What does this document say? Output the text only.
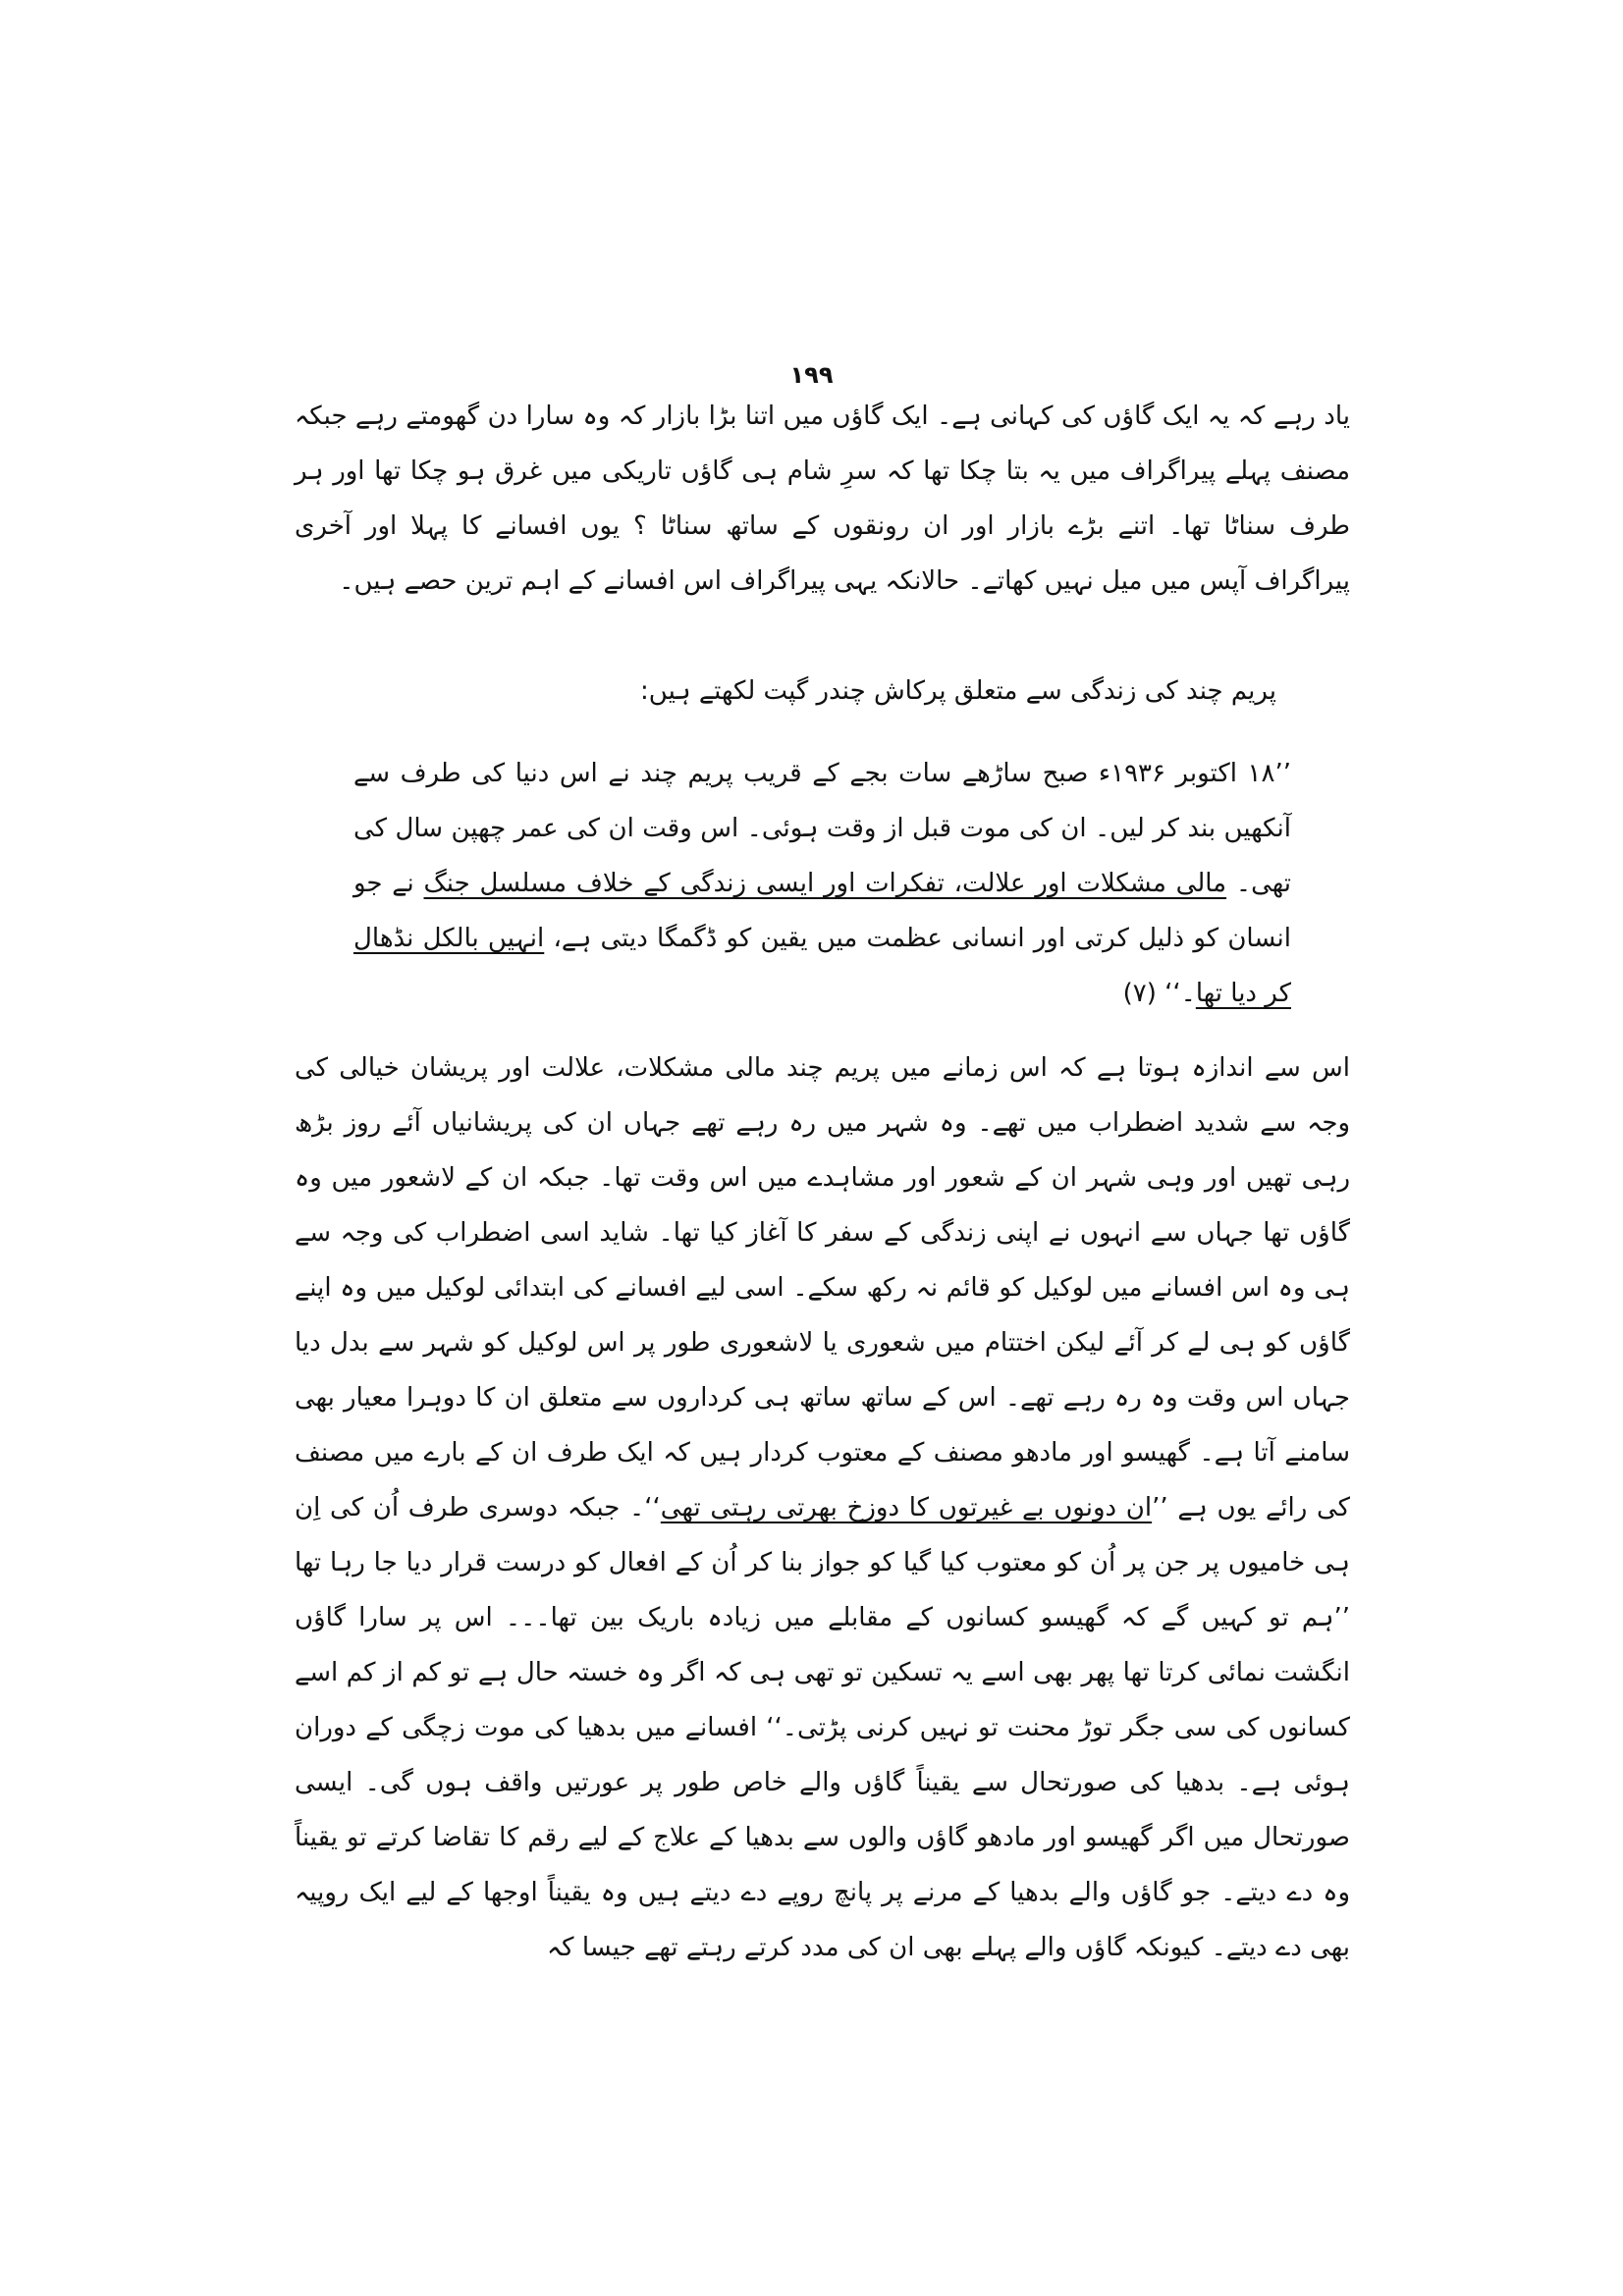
۱۹۹

یاد رہے کہ یہ ایک گاؤں کی کہانی ہے۔ ایک گاؤں میں اتنا بڑا بازار کہ وہ سارا دن گھومتے رہے جبکہ مصنف پہلے پیراگراف میں یہ بتا چکا تھا کہ سرِ شام ہی گاؤں تاریکی میں غرق ہو چکا تھا اور ہر طرف سناٹا تھا۔ اتنے بڑے بازار اور ان رونقوں کے ساتھ سناٹا ؟ یوں افسانے کا پہلا اور آخری پیراگراف آپس میں میل نہیں کھاتے۔ حالانکہ یہی پیراگراف اس افسانے کے اہم ترین حصے ہیں۔

پریم چند کی زندگی سے متعلق پرکاش چندر گپت لکھتے ہیں:

’’۱۸ اکتوبر ۱۹۳۶ء صبح ساڑھے سات بجے کے قریب پریم چند نے اس دنیا کی طرف سے آنکھیں بند کر لیں۔ ان کی موت قبل از وقت ہوئی۔ اس وقت ان کی عمر چھپن سال کی تھی۔ مالی مشکلات اور علالت، تفکرات اور ایسی زندگی کے خلاف مسلسل جنگ نے جو انسان کو ذلیل کرتی اور انسانی عظمت میں یقین کو ڈگمگا دیتی ہے، انہیں بالکل نڈھال کر دیا تھا۔‘‘ (۷)

اس سے اندازہ ہوتا ہے کہ اس زمانے میں پریم چند مالی مشکلات، علالت اور پریشان خیالی کی وجہ سے شدید اضطراب میں تھے۔ وہ شہر میں رہ رہے تھے جہاں ان کی پریشانیاں آئے روز بڑھ رہی تھیں اور وہی شہر ان کے شعور اور مشاہدے میں اس وقت تھا۔ جبکہ ان کے لاشعور میں وہ گاؤں تھا جہاں سے انہوں نے اپنی زندگی کے سفر کا آغاز کیا تھا۔ شاید اسی اضطراب کی وجہ سے ہی وہ اس افسانے میں لوکیل کو قائم نہ رکھ سکے۔ اسی لیے افسانے کی ابتدائی لوکیل میں وہ اپنے گاؤں کو ہی لے کر آئے لیکن اختتام میں شعوری یا لاشعوری طور پر اس لوکیل کو شہر سے بدل دیا جہاں اس وقت وہ رہ رہے تھے۔ اس کے ساتھ ساتھ ہی کرداروں سے متعلق ان کا دوہرا معیار بھی سامنے آتا ہے۔ گھیسو اور مادھو مصنف کے معتوب کردار ہیں کہ ایک طرف ان کے بارے میں مصنف کی رائے یوں ہے ’’ان دونوں بے غیرتوں کا دوزخ بھرتی رہتی تھی‘‘۔ جبکہ دوسری طرف اُن کی اِن ہی خامیوں پر جن پر اُن کو معتوب کیا گیا کو جواز بنا کر اُن کے افعال کو درست قرار دیا جا رہا تھا ’’ہم تو کہیں گے کہ گھیسو کسانوں کے مقابلے میں زیادہ باریک بین تھا۔۔۔ اس پر سارا گاؤں انگشت نمائی کرتا تھا پھر بھی اسے یہ تسکین تو تھی ہی کہ اگر وہ خستہ حال ہے تو کم از کم اسے کسانوں کی سی جگر توڑ محنت تو نہیں کرنی پڑتی۔‘‘ افسانے میں بدھیا کی موت زچگی کے دوران ہوئی ہے۔ بدھیا کی صورتحال سے یقیناً گاؤں والے خاص طور پر عورتیں واقف ہوں گی۔ ایسی صورتحال میں اگر گھیسو اور مادھو گاؤں والوں سے بدھیا کے علاج کے لیے رقم کا تقاضا کرتے تو یقیناً وہ دے دیتے۔ جو گاؤں والے بدھیا کے مرنے پر پانچ روپے دے دیتے ہیں وہ یقیناً اوجھا کے لیے ایک روپیہ بھی دے دیتے۔ کیونکہ گاؤں والے پہلے بھی ان کی مدد کرتے رہتے تھے جیسا کہ
